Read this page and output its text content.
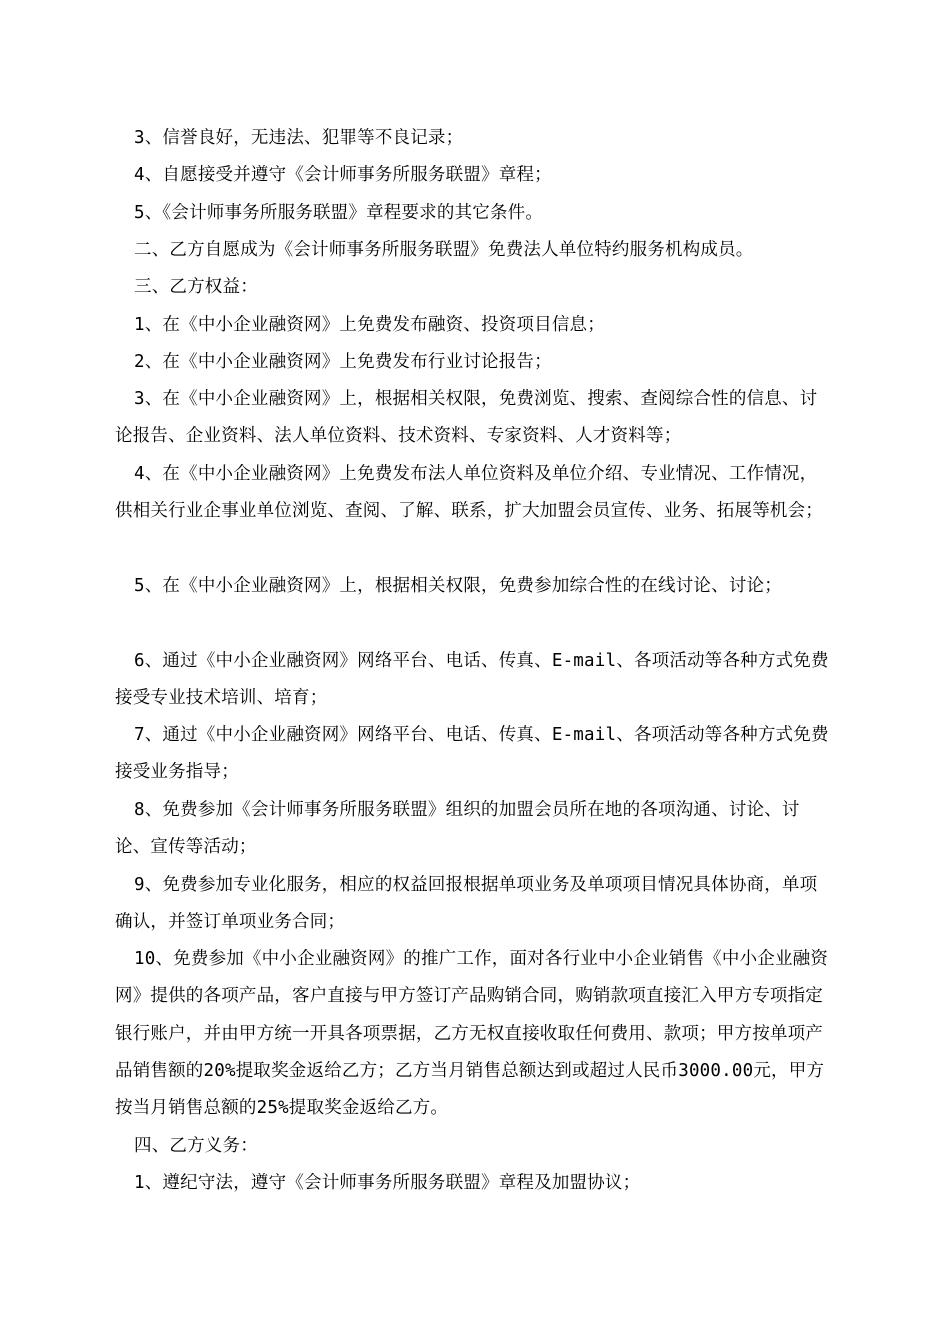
3、信誉良好，无违法、犯罪等不良记录；

4、自愿接受并遵守《会计师事务所服务联盟》章程；

5、《会计师事务所服务联盟》章程要求的其它条件。

二、乙方自愿成为《会计师事务所服务联盟》免费法人单位特约服务机构成员。

三、乙方权益：

1、在《中小企业融资网》上免费发布融资、投资项目信息；

2、在《中小企业融资网》上免费发布行业讨论报告；

3、在《中小企业融资网》上，根据相关权限，免费浏览、搜索、查阅综合性的信息、讨论报告、企业资料、法人单位资料、技术资料、专家资料、人才资料等；

4、在《中小企业融资网》上免费发布法人单位资料及单位介绍、专业情况、工作情况，供相关行业企事业单位浏览、查阅、了解、联系，扩大加盟会员宣传、业务、拓展等机会；

5、在《中小企业融资网》上，根据相关权限，免费参加综合性的在线讨论、讨论；

6、通过《中小企业融资网》网络平台、电话、传真、E-mail、各项活动等各种方式免费接受专业技术培训、培育；

7、通过《中小企业融资网》网络平台、电话、传真、E-mail、各项活动等各种方式免费接受业务指导；

8、免费参加《会计师事务所服务联盟》组织的加盟会员所在地的各项沟通、讨论、讨论、宣传等活动；

9、免费参加专业化服务，相应的权益回报根据单项业务及单项项目情况具体协商，单项确认，并签订单项业务合同；

10、免费参加《中小企业融资网》的推广工作，面对各行业中小企业销售《中小企业融资网》提供的各项产品，客户直接与甲方签订产品购销合同，购销款项直接汇入甲方专项指定银行账户，并由甲方统一开具各项票据，乙方无权直接收取任何费用、款项；甲方按单项产品销售额的20%提取奖金返给乙方；乙方当月销售总额达到或超过人民币3000.00元，甲方按当月销售总额的25%提取奖金返给乙方。

四、乙方义务：

1、遵纪守法，遵守《会计师事务所服务联盟》章程及加盟协议；
